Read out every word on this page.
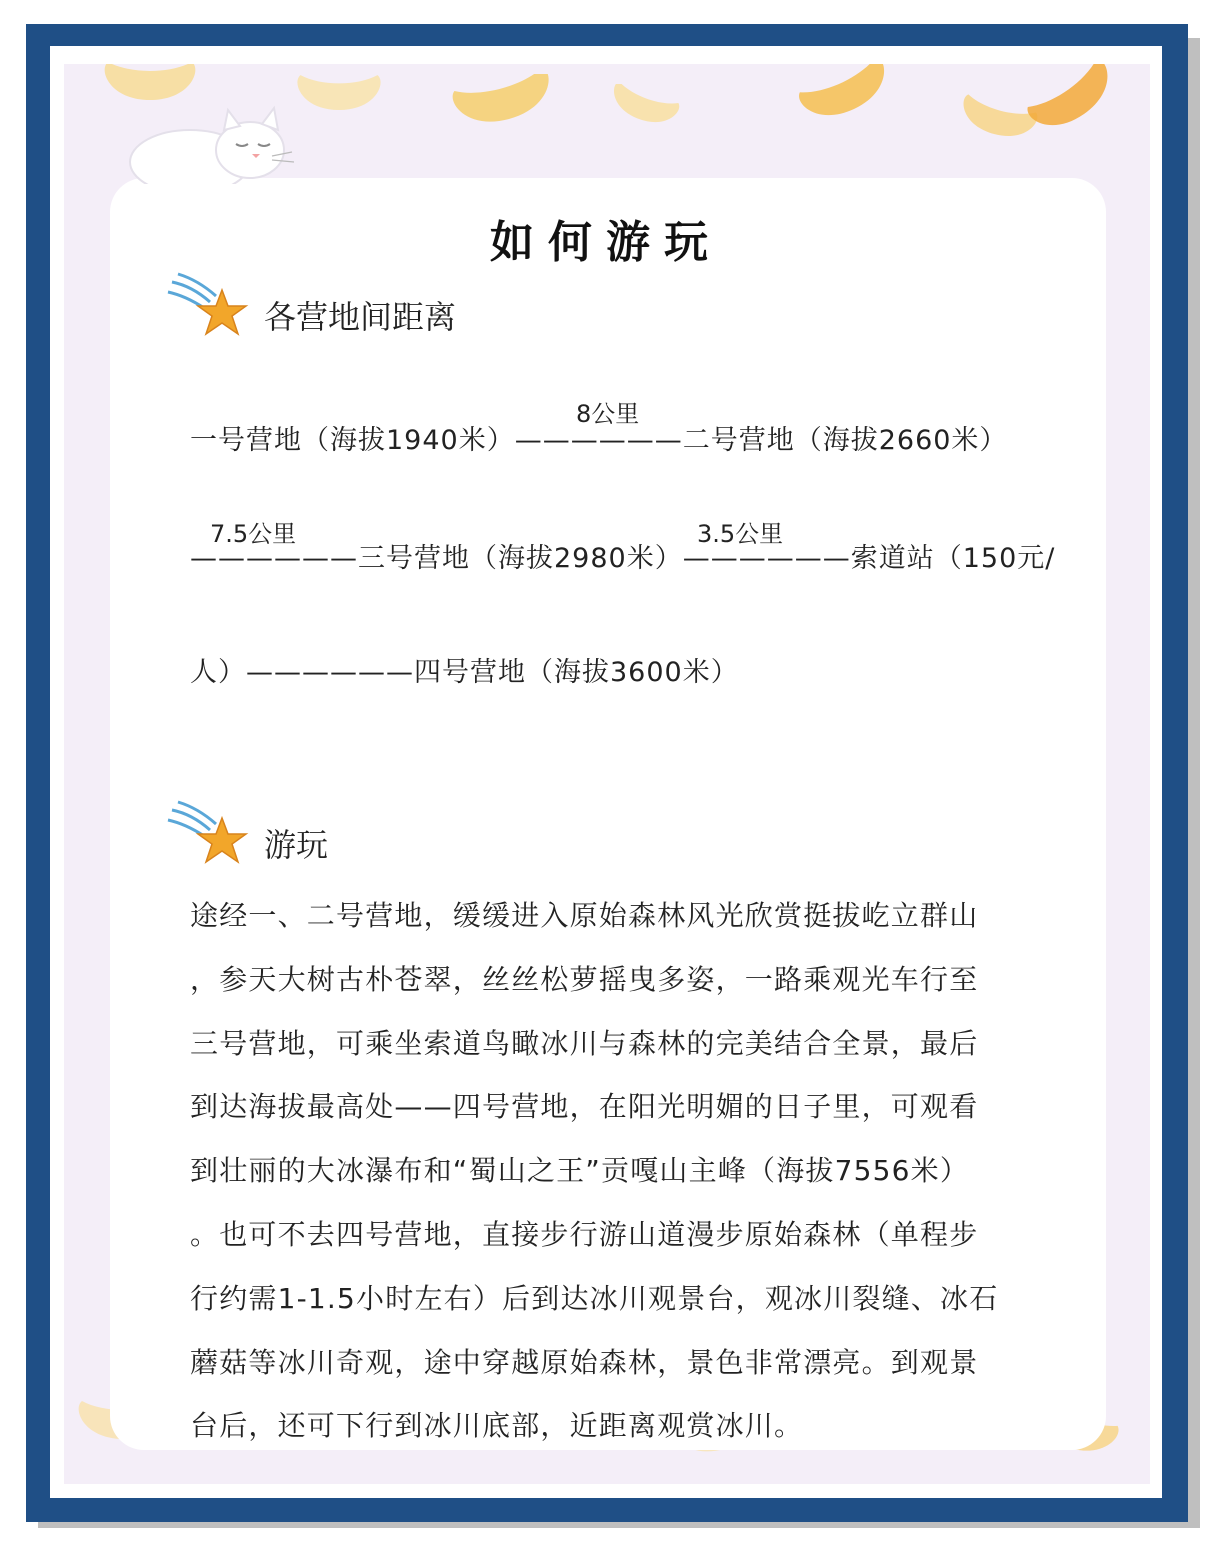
如何游玩
各营地间距离
8公里
一号营地（海拔1940米）——————二号营地（海拔2660米）
7.5公里	3.5公里
——————三号营地（海拔2980米）——————索道站（150元/
人）——————四号营地（海拔3600米）
游玩
途经一、二号营地，缓缓进入原始森林风光欣赏挺拔屹立群山
，参天大树古朴苍翠，丝丝松萝摇曳多姿，一路乘观光车行至
三号营地，可乘坐索道鸟瞰冰川与森林的完美结合全景，最后
到达海拔最高处——四号营地，在阳光明媚的日子里，可观看
到壮丽的大冰瀑布和“蜀山之王”贡嘎山主峰（海拔7556米）
。也可不去四号营地，直接步行游山道漫步原始森林（单程步
行约需1-1.5小时左右）后到达冰川观景台，观冰川裂缝、冰石
蘑菇等冰川奇观，途中穿越原始森林，景色非常漂亮。到观景
台后，还可下行到冰川底部，近距离观赏冰川。
